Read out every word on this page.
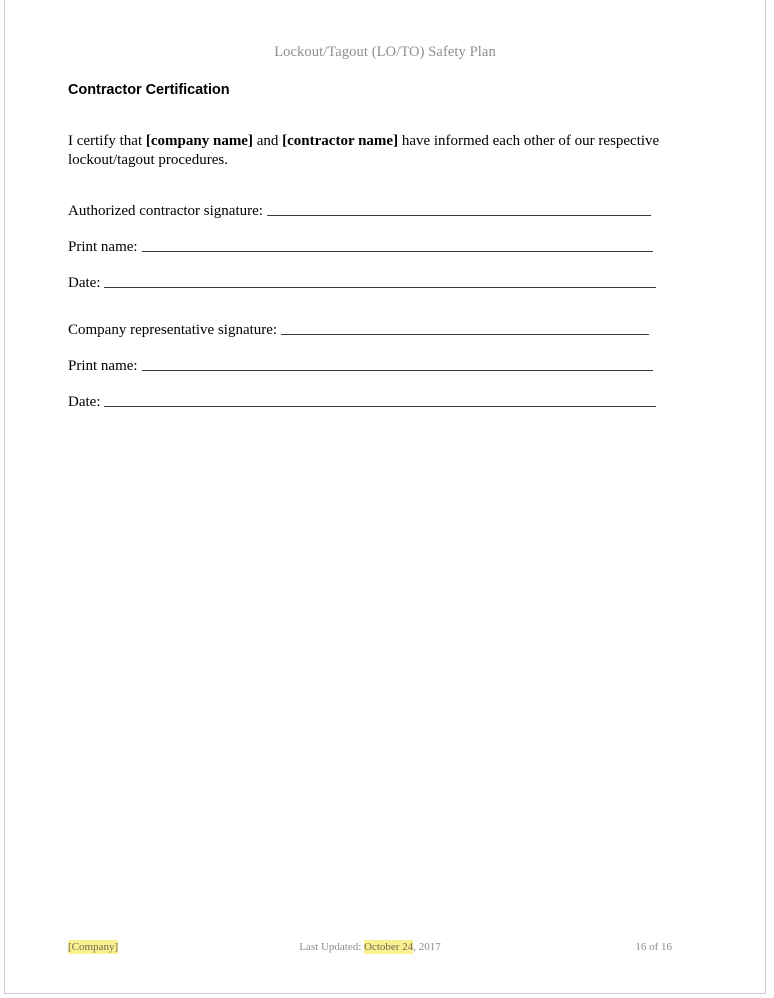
Lockout/Tagout (LO/TO) Safety Plan
Contractor Certification

I certify that [company name] and [contractor name] have informed each other of our respective lockout/tagout procedures.

Authorized contractor signature:
Print name:
Date:
Company representative signature:
Print name:
Date:
[Company]	Last Updated: October 24, 2017	16 of 16
